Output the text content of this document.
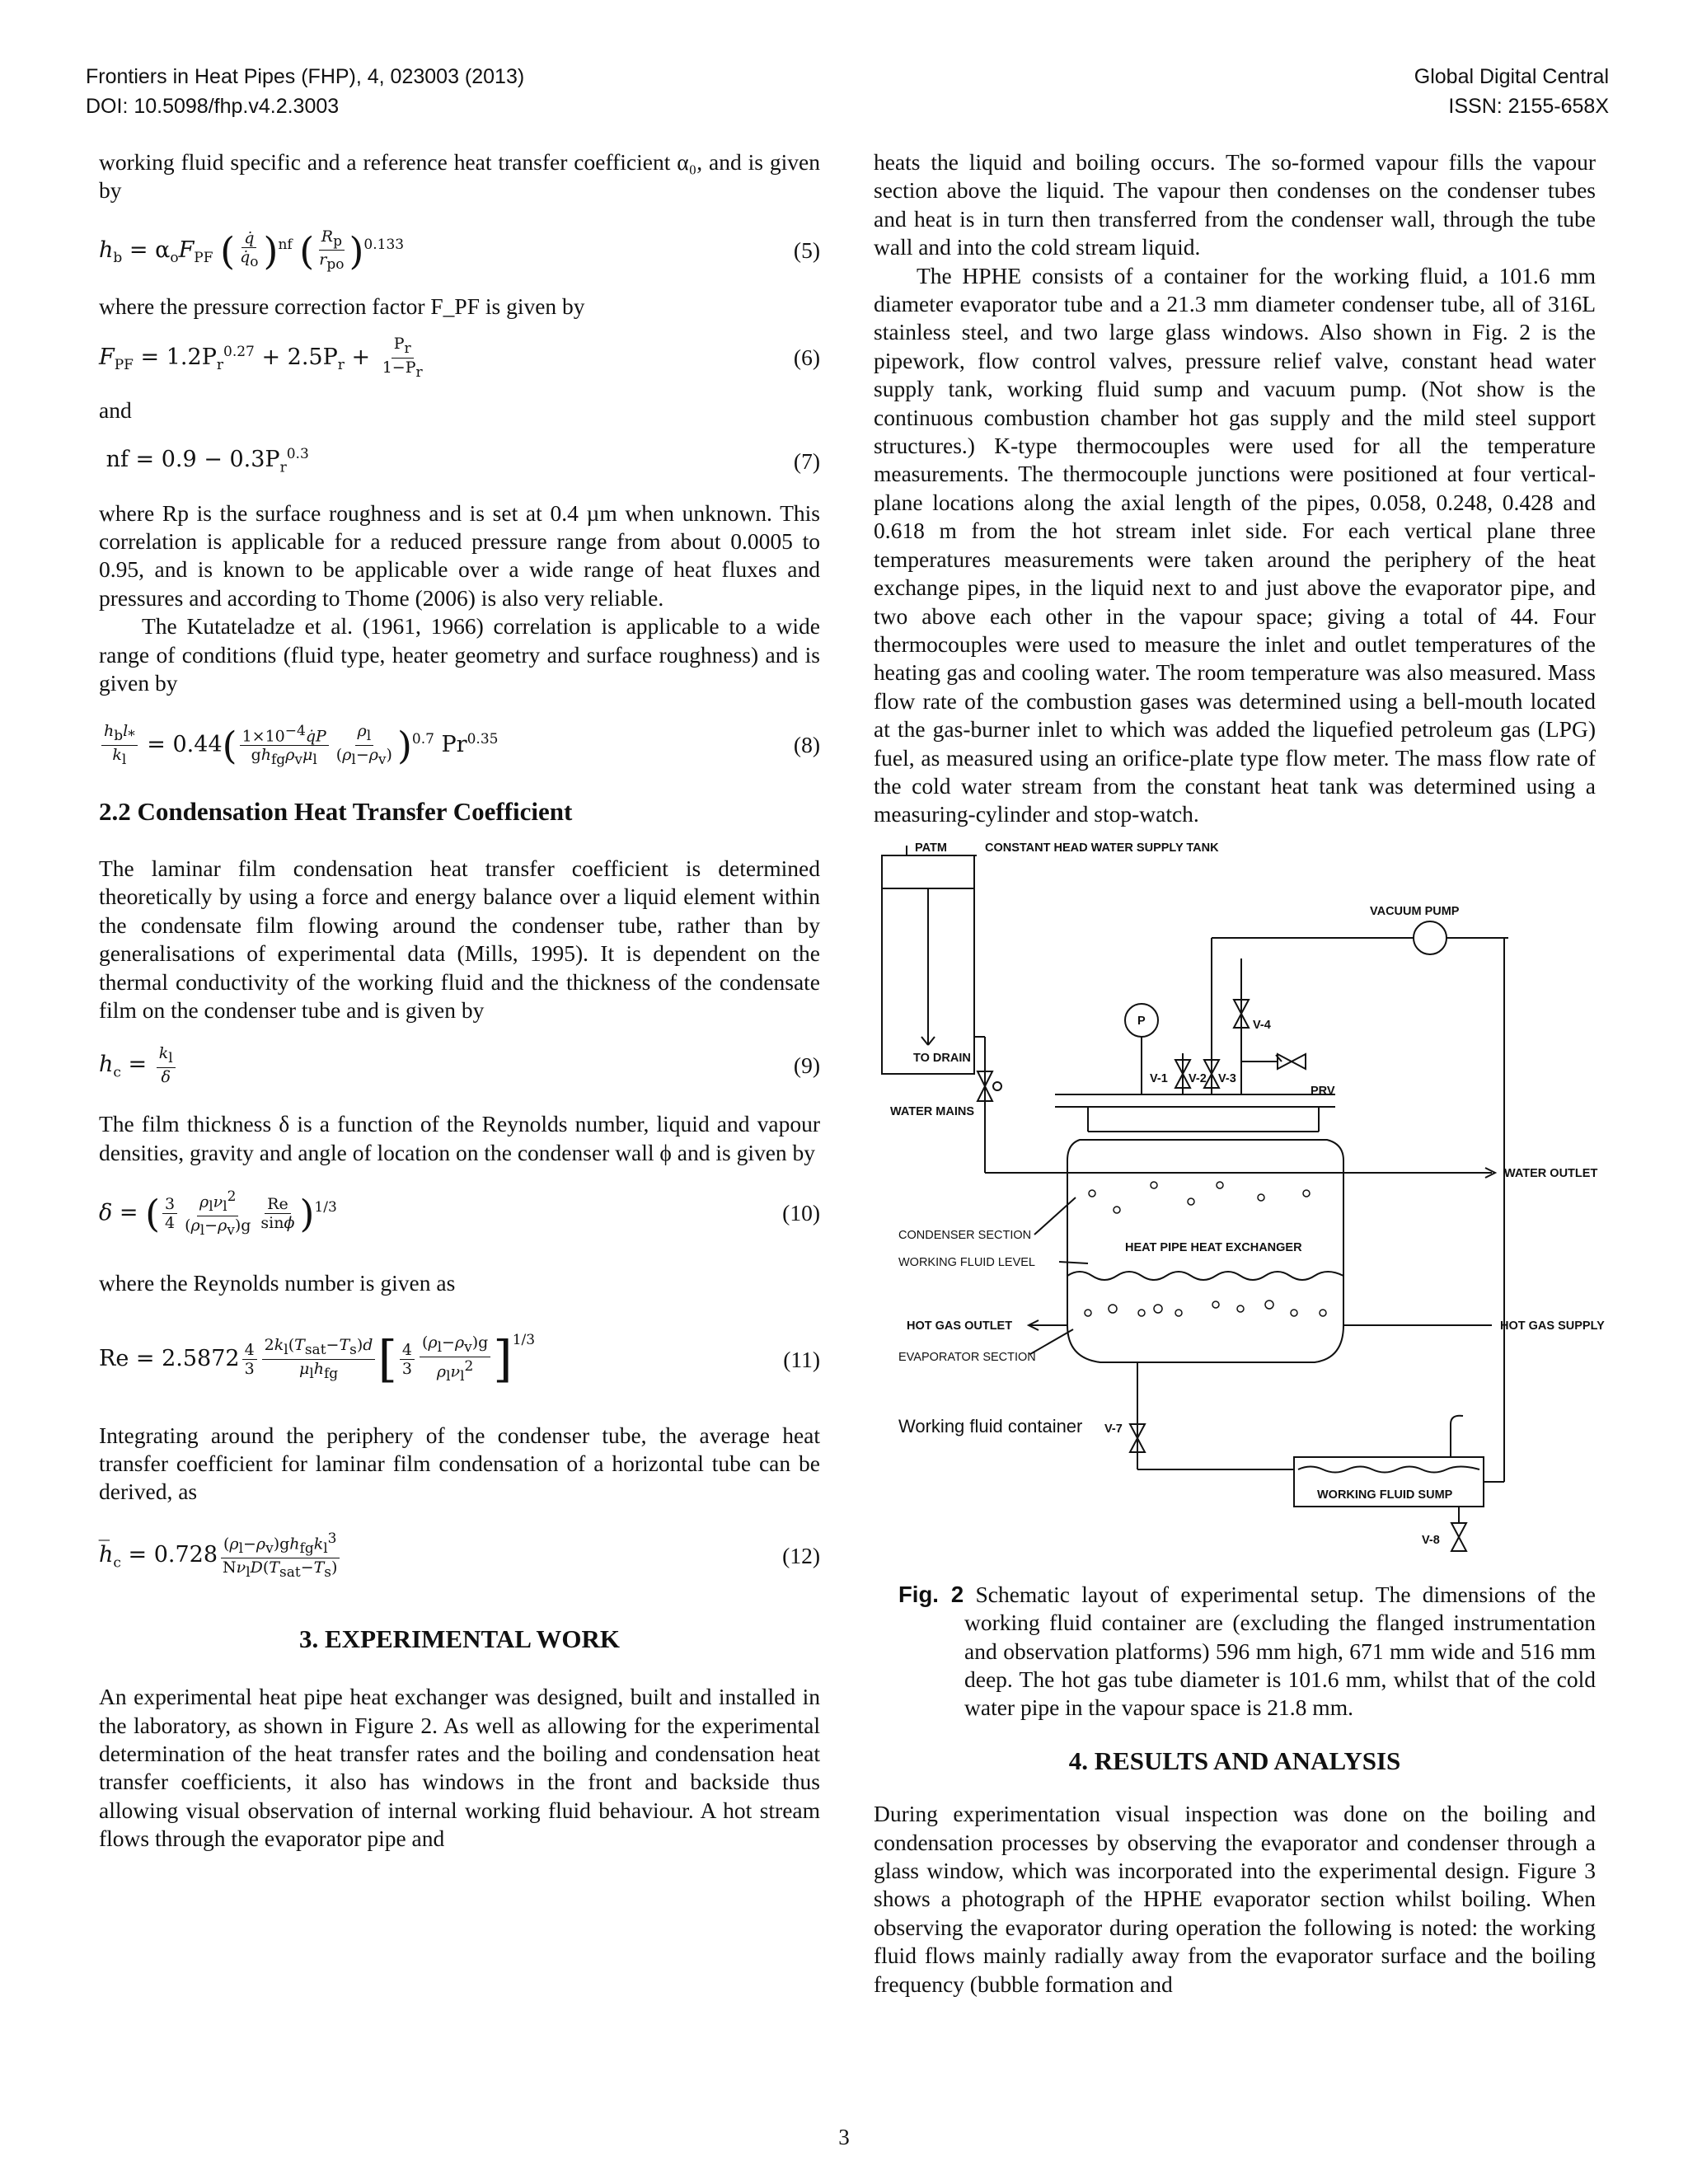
Frontiers in Heat Pipes (FHP), 4, 023003 (2013)
DOI: 10.5098/fhp.v4.2.3003
Global Digital Central
ISSN: 2155-658X

working fluid specific and a reference heat transfer coefficient α₀, and is given by

$h_b = \alpha_oF_{PF}$ ( $\frac{q̇}{q̇_o} )^{nf}$ ( $R_p$
$r_{po}$ )$^{0.133}$	(5)

where the pressure correction factor F_PF is given by

$F_{PF} = 1.2P_r^{0.27} + 2.5P_r + \frac{P_r}{1-P_r}$	(6)

and

nf = $0.9 - 0.3P_r^{0.3}$	(7)

where Rp is the surface roughness and is set at 0.4 µm when unknown. This correlation is applicable for a reduced pressure range from about 0.0005 to 0.95, and is known to be applicable over a wide range of heat fluxes and pressures and according to Thome (2006) is also very reliable.

The Kutateladze et al. (1961, 1966) correlation is applicable to a wide range of conditions (fluid type, heater geometry and surface roughness) and is given by

$h_bl_*$
$k_l$
= 0.44( $1\times 10^{-4}q̇P$
$gh_{fg}\rho_v\mu_l \frac{\rho_l}{(\rho_l-\rho_v)} )^{0.7}$ $Pr^{0.35}$	(8)
2.2 Condensation Heat Transfer Coefficient

The laminar film condensation heat transfer coefficient is determined theoretically by using a force and energy balance over a liquid element within the condensate film flowing around the condenser tube, rather than by generalisations of experimental data (Mills, 1995). It is dependent on the thermal conductivity of the working fluid and the thickness of the condensate film on the condenser tube and is given by

$h_c = \frac{k_l}{\delta}$	(9)

The film thickness δ is a function of the Reynolds number, liquid and vapour densities, gravity and angle of location on the condenser wall ϕ and is given by

δ = ( $\frac{3}{4} \rho_l\nu_l^2$
$(\rho_l-\rho_v)g \frac{Re}{\sin\phi} )^{1/3}$	(10)

where the Reynolds number is given as

$Re = 2.5872 \frac{4}{3} 2k_l(T_{sat}-T_s)d$
$\mu_lh_{fg}$ [ $\frac{4}{3} (\rho_l-\rho_v)g$
$\rho_l\nu_l^2$ ]$^{1/3}$
(11)

Integrating around the periphery of the condenser tube, the average heat transfer coefficient for laminar film condensation of a horizontal tube can be derived, as

$h̅_c = 0.728$ $(\rho_l-\rho_v)gh_{fg}k_l^3$
$N\nu_lD(T_{sat}-T_s)$	(12)
3. EXPERIMENTAL WORK

An experimental heat pipe heat exchanger was designed, built and installed in the laboratory, as shown in Figure 2. As well as allowing for the experimental determination of the heat transfer rates and the boiling and condensation heat transfer coefficients, it also has windows in the front and backside thus allowing visual observation of internal working fluid behaviour. A hot stream flows through the evaporator pipe and

heats the liquid and boiling occurs. The so-formed vapour fills the vapour section above the liquid. The vapour then condenses on the condenser tubes and heat is in turn then transferred from the condenser wall, through the tube wall and into the cold stream liquid.

The HPHE consists of a container for the working fluid, a 101.6 mm diameter evaporator tube and a 21.3 mm diameter condenser tube, all of 316L stainless steel, and two large glass windows. Also shown in Fig. 2 is the pipework, flow control valves, pressure relief valve, constant head water supply tank, working fluid sump and vacuum pump. (Not show is the continuous combustion chamber hot gas supply and the mild steel support structures.) K-type thermocouples were used for all the temperature measurements. The thermocouple junctions were positioned at four vertical-plane locations along the axial length of the pipes, 0.058, 0.248, 0.428 and 0.618 m from the hot stream inlet side. For each vertical plane three temperatures measurements were taken around the periphery of the heat exchange pipes, in the liquid next to and just above the evaporator pipe, and two above each other in the vapour space; giving a total of 44. Four thermocouples were used to measure the inlet and outlet temperatures of the heating gas and cooling water. The room temperature was also measured. Mass flow rate of the combustion gases was determined using a bell-mouth located at the gas-burner inlet to which was added the liquefied petroleum gas (LPG) fuel, as measured using an orifice-plate type flow meter. The mass flow rate of the cold water stream from the constant heat tank was determined using a measuring-cylinder and stop-watch.

PATM	CONSTANT HEAD WATER SUPPLY TANK
VACUUM PUMP
TO DRAIN
WATER MAINS
P	V-4
V-1 V-2 V-3
PRV
WATER OUTLET
CONDENSER SECTION
HEAT PIPE HEAT EXCHANGER
WORKING FLUID LEVEL
HOT GAS OUTLET	HOT GAS SUPPLY
EVAPORATOR SECTION
Working fluid container V-7
WORKING FLUID SUMP
V-8
Fig. 2 Schematic layout of experimental setup. The dimensions of the working fluid container are (excluding the flanged instrumentation and observation platforms) 596 mm high, 671 mm wide and 516 mm deep. The hot gas tube diameter is 101.6 mm, whilst that of the cold water pipe in the vapour space is 21.8 mm.
4. RESULTS AND ANALYSIS

During experimentation visual inspection was done on the boiling and condensation processes by observing the evaporator and condenser through a glass window, which was incorporated into the experimental design. Figure 3 shows a photograph of the HPHE evaporator section whilst boiling. When observing the evaporator during operation the following is noted: the working fluid flows mainly radially away from the evaporator surface and the boiling frequency (bubble formation and

3
